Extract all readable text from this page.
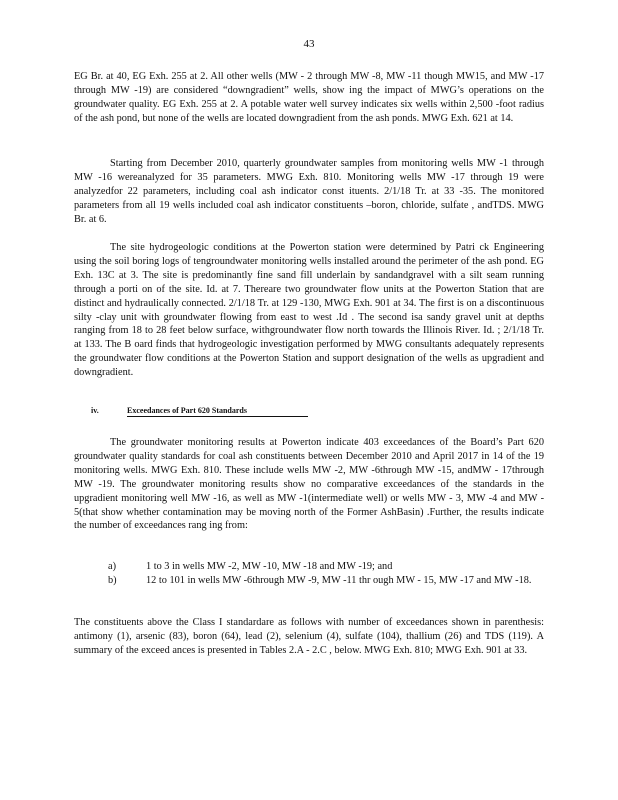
43

EG Br. at 40, EG Exh. 255 at 2. All other wells (MW - 2 through MW -8, MW -11 though MW15, and MW -17 through MW -19) are considered “downgradient” wells, show ing the impact of MWG’s operations on the groundwater quality. EG Exh. 255 at 2. A potable water well survey indicates six wells within 2,500 -foot radius of the ash pond, but none of the wells are located downgradient from the ash ponds. MWG Exh. 621 at 14.

Starting from December 2010, quarterly groundwater samples from monitoring wells MW -1 through MW -16 wereanalyzed for 35 parameters. MWG Exh. 810. Monitoring wells MW -17 through 19 were analyzedfor 22 parameters, including coal ash indicator const ituents. 2/1/18 Tr. at 33 -35. The monitored parameters from all 19 wells included coal ash indicator constituents –boron, chloride, sulfate , andTDS. MWG Br. at 6.

The site hydrogeologic conditions at the Powerton station were determined by Patri ck Engineering using the soil boring logs of tengroundwater monitoring wells installed around the perimeter of the ash pond. EG Exh. 13C at 3. The site is predominantly fine sand fill underlain by sandandgravel with a silt seam running through a porti on of the site. Id. at 7. Thereare two groundwater flow units at the Powerton Station that are distinct and hydraulically connected. 2/1/18 Tr. at 129 -130, MWG Exh. 901 at 34. The first is on a discontinuous silty -clay unit with groundwater flowing from east to west .Id . The second isa sandy gravel unit at depths ranging from 18 to 28 feet below surface, withgroundwater flow north towards the Illinois River. Id. ; 2/1/18 Tr. at 133. The B oard finds that hydrogeologic investigation performed by MWG consultants adequately represents the groundwater flow conditions at the Powerton Station and support designation of the wells as upgradient and downgradient.

iv.	Exceedances of Part 620 Standards

The groundwater monitoring results at Powerton indicate 403 exceedances of the Board’s Part 620 groundwater quality standards for coal ash constituents between December 2010 and April 2017 in 14 of the 19 monitoring wells. MWG Exh. 810. These include wells MW -2, MW -6through MW -15, andMW - 17through MW -19. The groundwater monitoring results show no comparative exceedances of the standards in the upgradient monitoring well MW -16, as well as MW -1(intermediate well) or wells MW - 3, MW -4 and MW - 5(that show whether contamination may be moving north of the Former AshBasin) .Further, the results indicate the number of exceedances rang ing from:

a)	1 to 3 in wells MW -2, MW -10, MW -18 and MW -19; and
b)	12 to 101 in wells MW -6through MW -9, MW -11 thr ough MW - 15, MW -17 and MW -18.

The constituents above the Class I standardare as follows with number of exceedances shown in parenthesis: antimony (1), arsenic (83), boron (64), lead (2), selenium (4), sulfate (104), thallium (26) and TDS (119). A summary of the exceed ances is presented in Tables 2.A - 2.C , below. MWG Exh. 810; MWG Exh. 901 at 33.
